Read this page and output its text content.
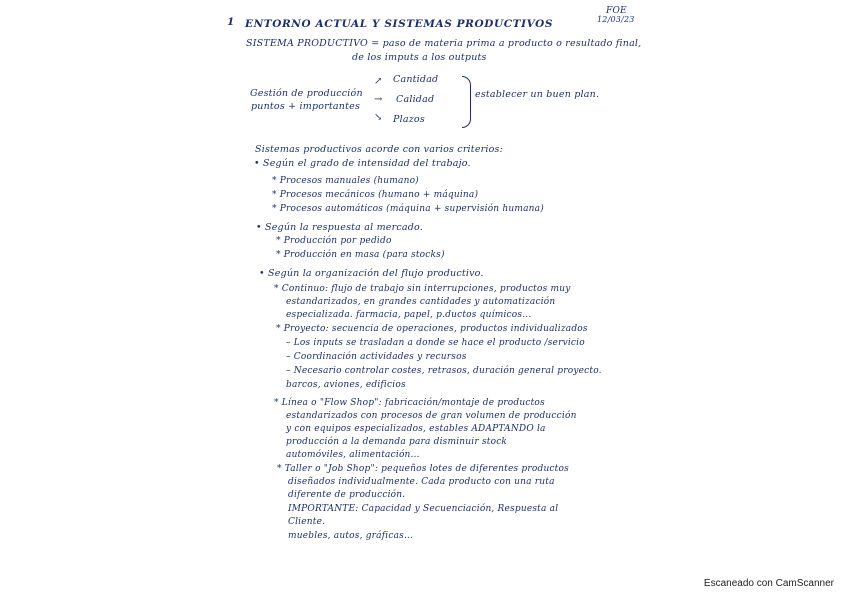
1 ENTORNO ACTUAL Y SISTEMAS PRODUCTIVOS
FOE
12/03/23
SISTEMA PRODUCTIVO = paso de materia prima a producto o resultado final,
de los imputs a los outputs
Gestión de producción
puntos + importantes
↗
→
↘
Cantidad
Calidad
Plazos
establecer un buen plan.
Sistemas productivos acorde con varios criterios:
• Según el grado de intensidad del trabajo.
* Procesos manuales (humano)
* Procesos mecánicos (humano + máquina)
* Procesos automáticos (máquina + supervisión humana)
• Según la respuesta al mercado.
* Producción por pedido
* Producción en masa (para stocks)
• Según la organización del flujo productivo.
* Continuo: flujo de trabajo sin interrupciones, productos muy
estandarizados, en grandes cantidades y automatización
especializada. farmacia, papel, p.ductos químicos...
* Proyecto: secuencia de operaciones, productos individualizados
– Los inputs se trasladan a donde se hace el producto /servicio
– Coordinación actividades y recursos
– Necesario controlar costes, retrasos, duración general proyecto.
barcos, aviones, edificios
* Línea o "Flow Shop": fabricación/montaje de productos
estandarizados con procesos de gran volumen de producción
y con equipos especializados, estables ADAPTANDO la
producción a la demanda para disminuir stock
automóviles, alimentación...
* Taller o "Job Shop": pequeños lotes de diferentes productos
diseñados individualmente. Cada producto con una ruta
diferente de producción.
IMPORTANTE: Capacidad y Secuenciación, Respuesta al
Cliente.
muebles, autos, gráficas...
Escaneado con CamScanner
